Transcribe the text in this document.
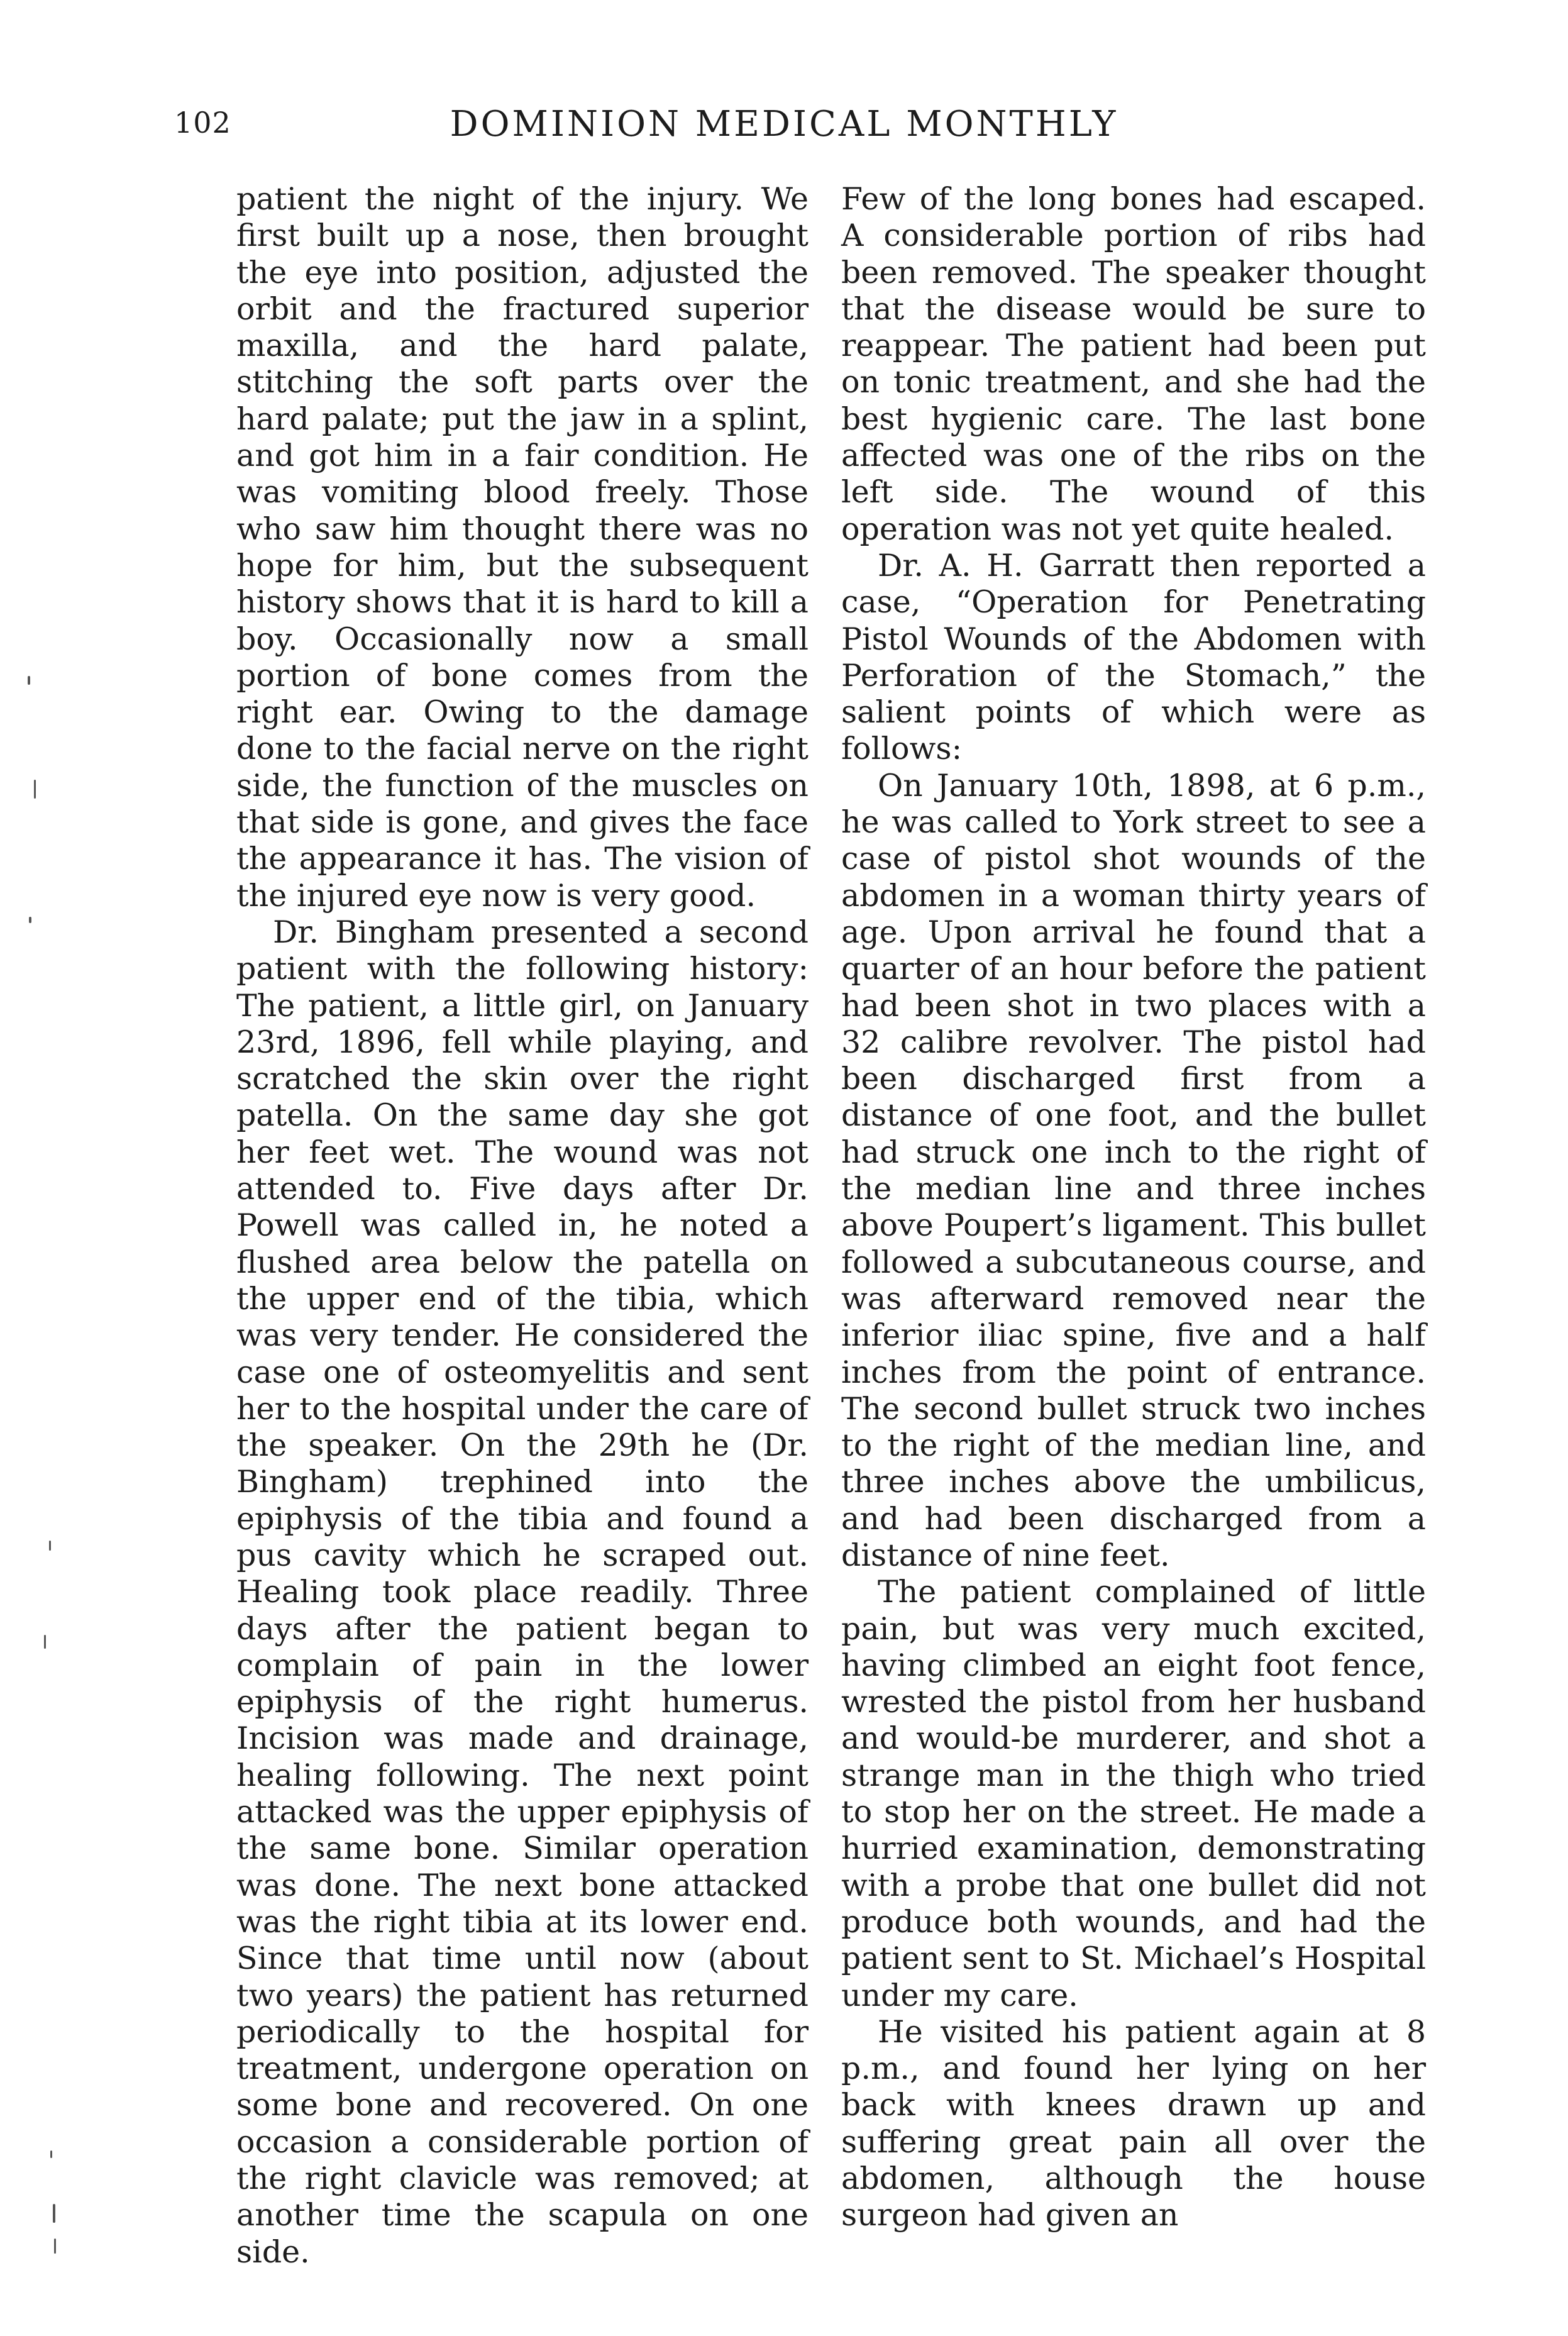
102	DOMINION MEDICAL MONTHLY

patient the night of the injury. We first built up a nose, then brought the eye into position, adjusted the orbit and the fractured superior maxilla, and the hard palate, stitching the soft parts over the hard palate; put the jaw in a splint, and got him in a fair condition. He was vomiting blood freely. Those who saw him thought there was no hope for him, but the subsequent history shows that it is hard to kill a boy. Occasionally now a small portion of bone comes from the right ear. Owing to the damage done to the facial nerve on the right side, the function of the muscles on that side is gone, and gives the face the appearance it has. The vision of the injured eye now is very good.

Dr. Bingham presented a second patient with the following history: The patient, a little girl, on January 23rd, 1896, fell while playing, and scratched the skin over the right patella. On the same day she got her feet wet. The wound was not attended to. Five days after Dr. Powell was called in, he noted a flushed area below the patella on the upper end of the tibia, which was very tender. He considered the case one of osteomyelitis and sent her to the hospital under the care of the speaker. On the 29th he (Dr. Bingham) trephined into the epiphysis of the tibia and found a pus cavity which he scraped out. Healing took place readily. Three days after the patient began to complain of pain in the lower epiphysis of the right humerus. Incision was made and drainage, healing following. The next point attacked was the upper epiphysis of the same bone. Similar operation was done. The next bone attacked was the right tibia at its lower end. Since that time until now (about two years) the patient has returned periodically to the hospital for treatment, undergone operation on some bone and recovered. On one occasion a considerable portion of the right clavicle was removed; at another time the scapula on one side.

Few of the long bones had escaped. A considerable portion of ribs had been removed. The speaker thought that the disease would be sure to reappear. The patient had been put on tonic treatment, and she had the best hygienic care. The last bone affected was one of the ribs on the left side. The wound of this operation was not yet quite healed.

Dr. A. H. Garratt then reported a case, “Operation for Penetrating Pistol Wounds of the Abdomen with Perforation of the Stomach,” the salient points of which were as follows:

On January 10th, 1898, at 6 p.m., he was called to York street to see a case of pistol shot wounds of the abdomen in a woman thirty years of age. Upon arrival he found that a quarter of an hour before the patient had been shot in two places with a 32 calibre revolver. The pistol had been discharged first from a distance of one foot, and the bullet had struck one inch to the right of the median line and three inches above Poupert’s ligament. This bullet followed a subcutaneous course, and was afterward removed near the inferior iliac spine, five and a half inches from the point of entrance. The second bullet struck two inches to the right of the median line, and three inches above the umbilicus, and had been discharged from a distance of nine feet.

The patient complained of little pain, but was very much excited, having climbed an eight foot fence, wrested the pistol from her husband and would-be murderer, and shot a strange man in the thigh who tried to stop her on the street. He made a hurried examination, demonstrating with a probe that one bullet did not produce both wounds, and had the patient sent to St. Michael’s Hospital under my care.

He visited his patient again at 8 p.m., and found her lying on her back with knees drawn up and suffering great pain all over the abdomen, although the house surgeon had given an
